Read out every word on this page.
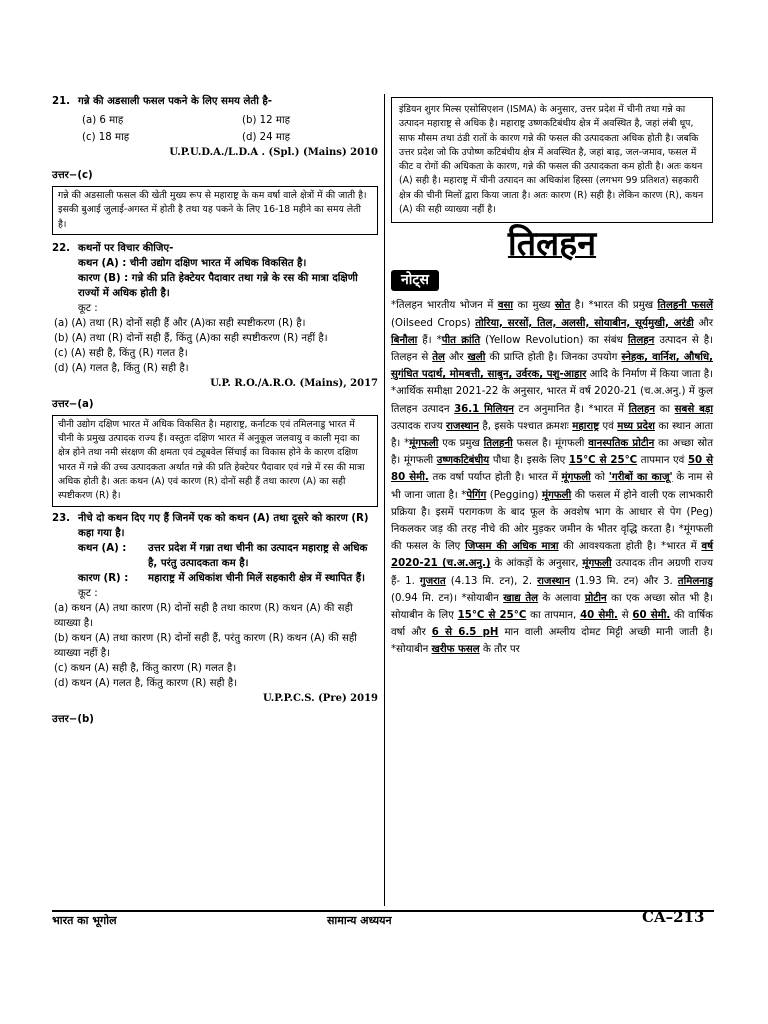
21. गन्ने की अडसाली फसल पकने के लिए समय लेती है-
(a) 6 माह	(b) 12 माह
(c) 18 माह	(d) 24 माह
U.P.U.D.A./L.D.A . (Spl.) (Mains) 2010
उत्तर−(c)
गन्ने की अडसाली फसल की खेती मुख्य रूप से महाराष्ट्र के कम वर्षा वाले क्षेत्रों में की जाती है। इसकी बुआई जुलाई-अगस्त में होती है तथा यह पकने के लिए 16-18 महीने का समय लेती है।
22. कथनों पर विचार कीजिए-
कथन (A) : चीनी उद्योग दक्षिण भारत में अधिक विकसित है।
कारण (B) : गन्ने की प्रति हेक्टेयर पैदावार तथा गन्ने के रस की मात्रा दक्षिणी राज्यों में अधिक होती है।
कूट :
(a) (A) तथा (R) दोनों सही हैं और (A)का सही स्पष्टीकरण (R) है।
(b) (A) तथा (R) दोनों सही हैं, किंतु (A)का सही स्पष्टीकरण (R) नहीं है।
(c) (A) सही है, किंतु (R) गलत है।
(d) (A) गलत है, किंतु (R) सही है।
U.P. R.O./A.R.O. (Mains), 2017
उत्तर−(a)
चीनी उद्योग दक्षिण भारत में अधिक विकसित है। महाराष्ट्र, कर्नाटक एवं तमिलनाडु भारत में चीनी के प्रमुख उत्पादक राज्य हैं। वस्तुतः दक्षिण भारत में अनुकूल जलवायु व काली मृदा का क्षेत्र होने तथा नमी संरक्षण की क्षमता एवं ट्यूबवेल सिंचाई का विकास होने के कारण दक्षिण भारत में गन्ने की उच्च उत्पादकता अर्थात गन्ने की प्रति हेक्टेयर पैदावार एवं गन्ने में रस की मात्रा अधिक होती है। अतः कथन (A) एवं कारण (R) दोनों सही हैं तथा कारण (A) का सही स्पष्टीकरण (R) है।
23. नीचे दो कथन दिए गए हैं जिनमें एक को कथन (A) तथा दूसरे को कारण (R) कहा गया है।
कथन (A) :	उत्तर प्रदेश में गन्ना तथा चीनी का उत्पादन महाराष्ट्र से अधिक है, परंतु उत्पादकता कम है।
कारण (R) :	महाराष्ट्र में अधिकांश चीनी मिलें सहकारी क्षेत्र में स्थापित हैं।
कूट :
(a) कथन (A) तथा कारण (R) दोनों सही है तथा कारण (R) कथन (A) की सही व्याख्या है।
(b) कथन (A) तथा कारण (R) दोनों सही हैं, परंतु कारण (R) कथन (A) की सही व्याख्या नहीं है।
(c) कथन (A) सही है, किंतु कारण (R) गलत है।
(d) कथन (A) गलत है, किंतु कारण (R) सही है।
U.P.P.C.S. (Pre) 2019
उत्तर−(b)
इंडियन शुगर मिल्स एसोसिएशन (ISMA) के अनुसार, उत्तर प्रदेश में चीनी तथा गन्ने का उत्पादन महाराष्ट्र से अधिक है। महाराष्ट्र उष्णकटिबंधीय क्षेत्र में अवस्थित है, जहां लंबी धूप, साफ मौसम तथा ठंडी रातों के कारण गन्ने की फसल की उत्पादकता अधिक होती है। जबकि उत्तर प्रदेश जो कि उपोष्ण कटिबंधीय क्षेत्र में अवस्थित है, जहां बाढ़, जल-जमाव, फसल में कीट व रोगों की अधिकता के कारण, गन्ने की फसल की उत्पादकता कम होती है। अतः कथन (A) सही है। महाराष्ट्र में चीनी उत्पादन का अधिकांश हिस्सा (लगभग 99 प्रतिशत) सहकारी क्षेत्र की चीनी मिलों द्वारा किया जाता है। अतः कारण (R) सही है। लेकिन कारण (R), कथन (A) की सही व्याख्या नहीं है।
तिलहन
नोट्स
*तिलहन भारतीय भोजन में वसा का मुख्य स्रोत है। *भारत की प्रमुख तिलहनी फसलें (Oilseed Crops) तोरिया, सरसों, तिल, अलसी, सोयाबीन, सूर्यमुखी, अरंडी और बिनौला हैं। *पीत क्रांति (Yellow Revolution) का संबंध तिलहन उत्पादन से है। तिलहन से तेल और खली की प्राप्ति होती है। जिनका उपयोग स्नेहक, वार्निश, औषधि, सुगंधित पदार्थ, मोमबत्ती, साबुन, उर्वरक, पशु-आहार आदि के निर्माण में किया जाता है। *आर्थिक समीक्षा 2021-22 के अनुसार, भारत में वर्ष 2020-21 (च.अ.अनु.) में कुल तिलहन उत्पादन 36.1 मिलियन टन अनुमानित है। *भारत में तिलहन का सबसे बड़ा उत्पादक राज्य राजस्थान है, इसके पश्चात क्रमशः महाराष्ट्र एवं मध्य प्रदेश का स्थान आता है। *मूंगफली एक प्रमुख तिलहनी फसल है। मूंगफली वानस्पतिक प्रोटीन का अच्छा स्रोत है। मूंगफली उष्णकटिबंधीय पौधा है। इसके लिए 15°C से 25°C तापमान एवं 50 से 80 सेमी. तक वर्षा पर्याप्त होती है। भारत में मूंगफली को 'गरीबों का काजू' के नाम से भी जाना जाता है। *पेगिंग (Pegging) मूंगफली की फसल में होने वाली एक लाभकारी प्रक्रिया है। इसमें परागकण के बाद फूल के अवशेष भाग के आधार से पेग (Peg) निकलकर जड़ की तरह नीचे की ओर मुड़कर जमीन के भीतर वृद्धि करता है। *मूंगफली की फसल के लिए जिप्सम की अधिक मात्रा की आवश्यकता होती है। *भारत में वर्ष 2020-21 (च.अ.अनु.) के आंकड़ों के अनुसार, मूंगफली उत्पादक तीन अग्रणी राज्य हैं- 1. गुजरात (4.13 मि. टन), 2. राजस्थान (1.93 मि. टन) और 3. तमिलनाडु (0.94 मि. टन)। *सोयाबीन खाद्य तेल के अलावा प्रोटीन का एक अच्छा स्रोत भी है। सोयाबीन के लिए 15°C से 25°C का तापमान, 40 सेमी. से 60 सेमी. की वार्षिक वर्षा और 6 से 6.5 pH मान वाली अम्लीय दोमट मिट्टी अच्छी मानी जाती है। *सोयाबीन खरीफ फसल के तौर पर
भारत का भूगोल	सामान्य अध्ययन	CA–213
